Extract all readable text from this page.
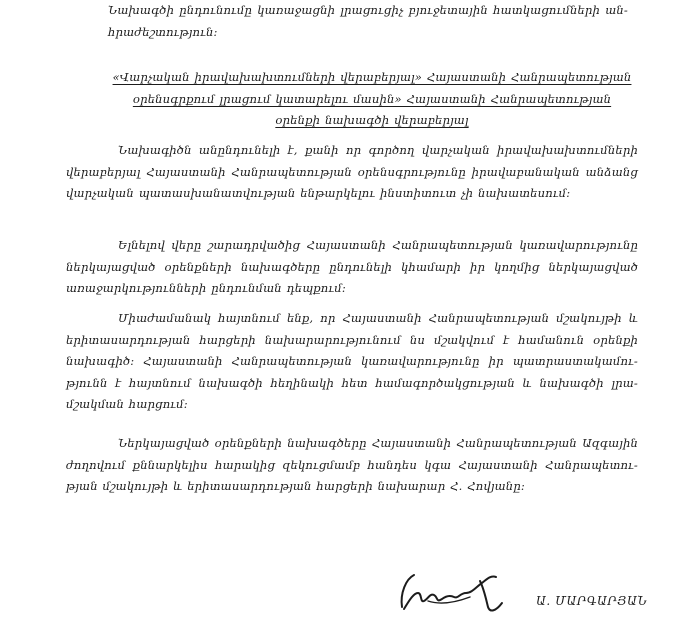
Նախագծի ընդունումը կառաջացնի լրացուցիչ բյուջետային հատկացումների ան-
հրաժեշտություն:
«Վարչական իրավախախտումների վերաբերյալ» Հայաստանի Հանրապետության
օրենսգրքում լրացում կատարելու մասին» Հայաստանի Հանրապետության
օրենքի նախագծի վերաբերյալ
Նախագիծն անընդունելի է, քանի որ գործող վարչական իրավախախտումների
վերաբերյալ Հայաստանի Հանրապետության օրենսգրությունը իրավաբանական անձանց
վարչական պատասխանատվության ենթարկելու ինստիտուտ չի նախատեսում:
Ելնելով վերը շարադրվածից Հայաստանի Հանրապետության կառավարությունը
ներկայացված օրենքների նախագծերը ընդունելի կհամարի իր կողմից ներկայացված
առաջարկությունների ընդունման դեպքում:
Միաժամանակ հայտնում ենք, որ Հայաստանի Հանրապետության մշակույթի և
երիտասարդության հարցերի նախարարությունում նս մշակվում է համանուն օրենքի
նախագիծ: Հայաստանի Հանրապետության կառավարությունը իր պատրաստակամու-
թյունն է հայտնում նախագծի հեղինակի հետ համագործակցության և նախագծի լրա-
մշակման հարցում:
Ներկայացված օրենքների նախագծերը Հայաստանի Հանրապետության Ազգային
ժողովում քննարկելիս հարակից զեկուցմամբ հանդես կգա Հայաստանի Հանրապետու-
թյան մշակույթի և երիտասարդության հարցերի նախարար Հ. Հովյանը:
Ա. ՄԱՐԳԱՐՅԱՆ
